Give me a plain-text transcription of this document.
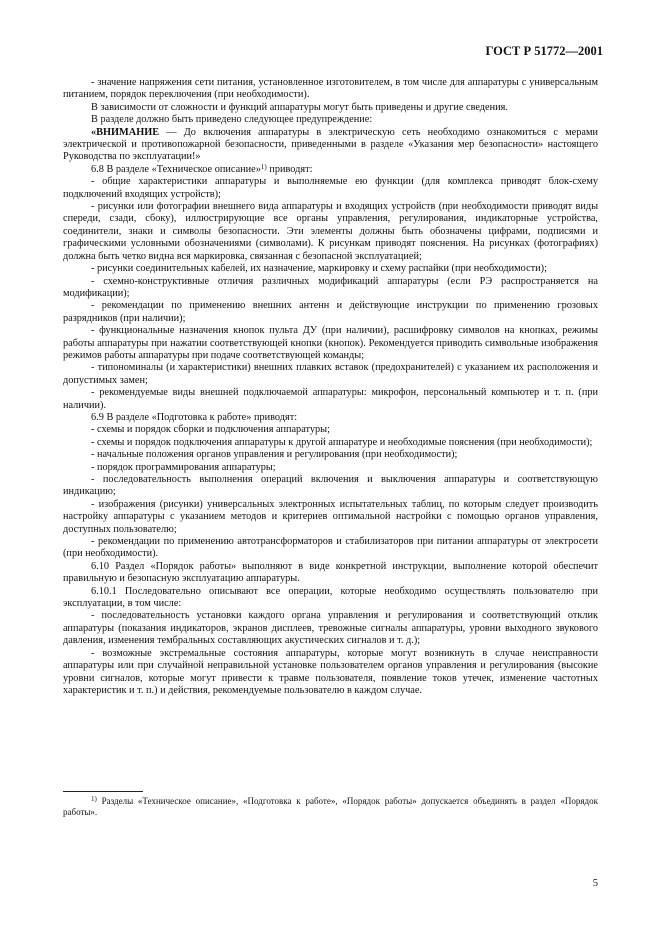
ГОСТ Р 51772—2001

- значение напряжения сети питания, установленное изготовителем, в том числе для аппаратуры с универсальным питанием, порядок переключения (при необходимости).

В зависимости от сложности и функций аппаратуры могут быть приведены и другие сведения.

В разделе должно быть приведено следующее предупреждение:

«ВНИМАНИЕ — До включения аппаратуры в электрическую сеть необходимо ознакомиться с мерами электрической и противопожарной безопасности, приведенными в разделе «Указания мер безопасности» настоящего Руководства по эксплуатации!»

6.8 В разделе «Техническое описание»$^{1)}$ приводят:

- общие характеристики аппаратуры и выполняемые ею функции (для комплекса приводят блок-схему подключений входящих устройств);

- рисунки или фотографии внешнего вида аппаратуры и входящих устройств (при необходимости приводят виды спереди, сзади, сбоку), иллюстрирующие все органы управления, регулирования, индикаторные устройства, соединители, знаки и символы безопасности. Эти элементы должны быть обозначены цифрами, подписями и графическими условными обозначениями (символами). К рисункам приводят пояснения. На рисунках (фотографиях) должна быть четко видна вся маркировка, связанная с безопасной эксплуатацией;

- рисунки соединительных кабелей, их назначение, маркировку и схему распайки (при необходимости);

- схемно-конструктивные отличия различных модификаций аппаратуры (если РЭ распространяется на модификации);

- рекомендации по применению внешних антенн и действующие инструкции по применению грозовых разрядников (при наличии);

- функциональные назначения кнопок пульта ДУ (при наличии), расшифровку символов на кнопках, режимы работы аппаратуры при нажатии соответствующей кнопки (кнопок). Рекомендуется приводить символьные изображения режимов работы аппаратуры при подаче соответствующей команды;

- типономиналы (и характеристики) внешних плавких вставок (предохранителей) с указанием их расположения и допустимых замен;

- рекомендуемые виды внешней подключаемой аппаратуры: микрофон, персональный компьютер и т. п. (при наличии).

6.9 В разделе «Подготовка к работе» приводят:

- схемы и порядок сборки и подключения аппаратуры;

- схемы и порядок подключения аппаратуры к другой аппаратуре и необходимые пояснения (при необходимости);

- начальные положения органов управления и регулирования (при необходимости);

- порядок программирования аппаратуры;

- последовательность выполнения операций включения и выключения аппаратуры и соответствующую индикацию;

- изображения (рисунки) универсальных электронных испытательных таблиц, по которым следует производить настройку аппаратуры с указанием методов и критериев оптимальной настройки с помощью органов управления, доступных пользователю;

- рекомендации по применению автотрансформаторов и стабилизаторов при питании аппаратуры от электросети (при необходимости).

6.10 Раздел «Порядок работы» выполняют в виде конкретной инструкции, выполнение которой обеспечит правильную и безопасную эксплуатацию аппаратуры.

6.10.1 Последовательно описывают все операции, которые необходимо осуществлять пользователю при эксплуатации, в том числе:

- последовательность установки каждого органа управления и регулирования и соответствующий отклик аппаратуры (показания индикаторов, экранов дисплеев, тревожные сигналы аппаратуры, уровни выходного звукового давления, изменения тембральных составляющих акустических сигналов и т. д.);

- возможные экстремальные состояния аппаратуры, которые могут возникнуть в случае неисправности аппаратуры или при случайной неправильной установке пользователем органов управления и регулирования (высокие уровни сигналов, которые могут привести к травме пользователя, появление токов утечек, изменение частотных характеристик и т. п.) и действия, рекомендуемые пользователю в каждом случае.

$^{1)}$ Разделы «Техническое описание», «Подготовка к работе», «Порядок работы» допускается объединять в раздел «Порядок работы».

5
